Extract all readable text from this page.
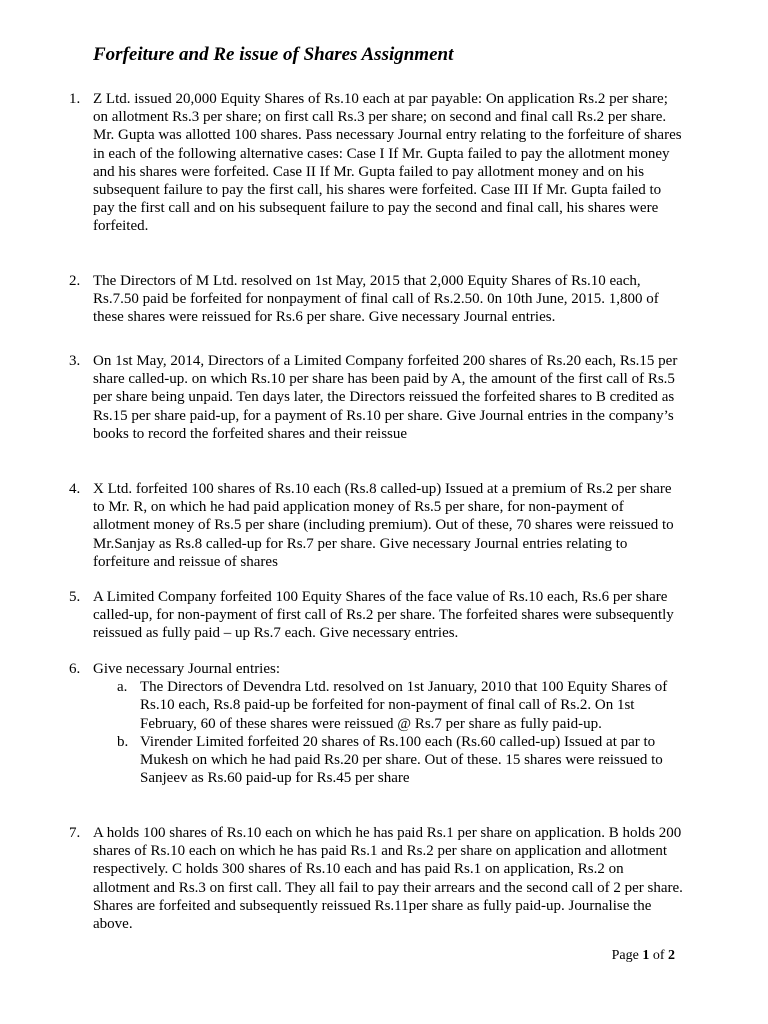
Forfeiture and Re issue of Shares Assignment
1. Z Ltd. issued 20,000 Equity Shares of Rs.10 each at par payable: On application Rs.2 per share; on allotment Rs.3 per share; on first call Rs.3 per share; on second and final call Rs.2 per share. Mr. Gupta was allotted 100 shares. Pass necessary Journal entry relating to the forfeiture of shares in each of the following alternative cases: Case I If Mr. Gupta failed to pay the allotment money and his shares were forfeited. Case II If Mr. Gupta failed to pay allotment money and on his subsequent failure to pay the first call, his shares were forfeited. Case III If Mr. Gupta failed to pay the first call and on his subsequent failure to pay the second and final call, his shares were forfeited.
2. The Directors of M Ltd. resolved on 1st May, 2015 that 2,000 Equity Shares of Rs.10 each, Rs.7.50 paid be forfeited for nonpayment of final call of Rs.2.50. 0n 10th June, 2015. 1,800 of these shares were reissued for Rs.6 per share. Give necessary Journal entries.
3. On 1st May, 2014, Directors of a Limited Company forfeited 200 shares of Rs.20 each, Rs.15 per share called-up. on which Rs.10 per share has been paid by A, the amount of the first call of Rs.5 per share being unpaid. Ten days later, the Directors reissued the forfeited shares to B credited as Rs.15 per share paid-up, for a payment of Rs.10 per share. Give Journal entries in the company’s books to record the forfeited shares and their reissue
4. X Ltd. forfeited 100 shares of Rs.10 each (Rs.8 called-up) Issued at a premium of Rs.2 per share to Mr. R, on which he had paid application money of Rs.5 per share, for non-payment of allotment money of Rs.5 per share (including premium). Out of these, 70 shares were reissued to Mr.Sanjay as Rs.8 called-up for Rs.7 per share. Give necessary Journal entries relating to forfeiture and reissue of shares
5. A Limited Company forfeited 100 Equity Shares of the face value of Rs.10 each, Rs.6 per share called-up, for non-payment of first call of Rs.2 per share. The forfeited shares were subsequently reissued as fully paid – up Rs.7 each. Give necessary entries.
6. Give necessary Journal entries:
a. The Directors of Devendra Ltd. resolved on 1st January, 2010 that 100 Equity Shares of Rs.10 each, Rs.8 paid-up be forfeited for non-payment of final call of Rs.2. On 1st February, 60 of these shares were reissued @ Rs.7 per share as fully paid-up.
b. Virender Limited forfeited 20 shares of Rs.100 each (Rs.60 called-up) Issued at par to Mukesh on which he had paid Rs.20 per share. Out of these. 15 shares were reissued to Sanjeev as Rs.60 paid-up for Rs.45 per share
7. A holds 100 shares of Rs.10 each on which he has paid Rs.1 per share on application. B holds 200 shares of Rs.10 each on which he has paid Rs.1 and Rs.2 per share on application and allotment respectively. C holds 300 shares of Rs.10 each and has paid Rs.1 on application, Rs.2 on allotment and Rs.3 on first call. They all fail to pay their arrears and the second call of 2 per share. Shares are forfeited and subsequently reissued Rs.11per share as fully paid-up. Journalise the above.
Page 1 of 2
